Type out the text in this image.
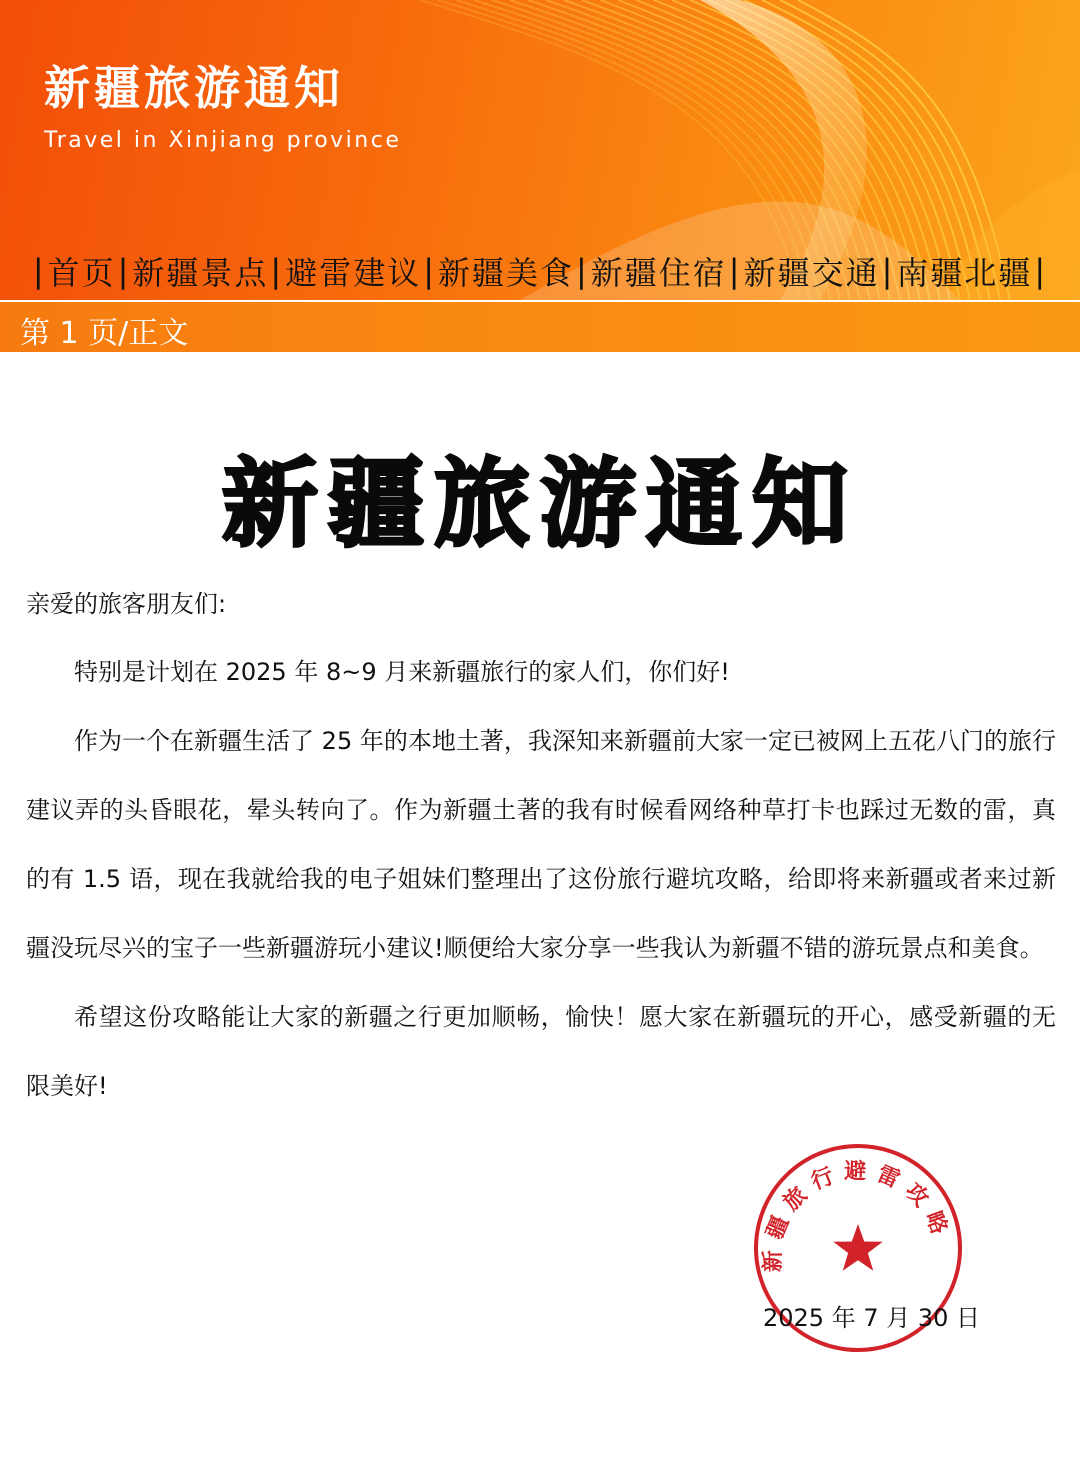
新疆旅游通知
Travel in Xinjiang province
| 首页 | 新疆景点 | 避雷建议 | 新疆美食 | 新疆住宿 | 新疆交通 | 南疆北疆 |
第 1 页/正文
新疆旅游通知
亲爱的旅客朋友们:

特别是计划在 2025 年 8~9 月来新疆旅行的家人们，你们好!

作为一个在新疆生活了 25 年的本地土著，我深知来新疆前大家一定已被网上五花八门的旅行建议弄的头昏眼花，晕头转向了。作为新疆土著的我有时候看网络种草打卡也踩过无数的雷，真的有 1.5 语，现在我就给我的电子姐妹们整理出了这份旅行避坑攻略，给即将来新疆或者来过新疆没玩尽兴的宝子一些新疆游玩小建议!顺便给大家分享一些我认为新疆不错的游玩景点和美食。

希望这份攻略能让大家的新疆之行更加顺畅，愉快！愿大家在新疆玩的开心，感受新疆的无限美好!

新疆旅行避雷攻略
2025 年 7 月 30 日
